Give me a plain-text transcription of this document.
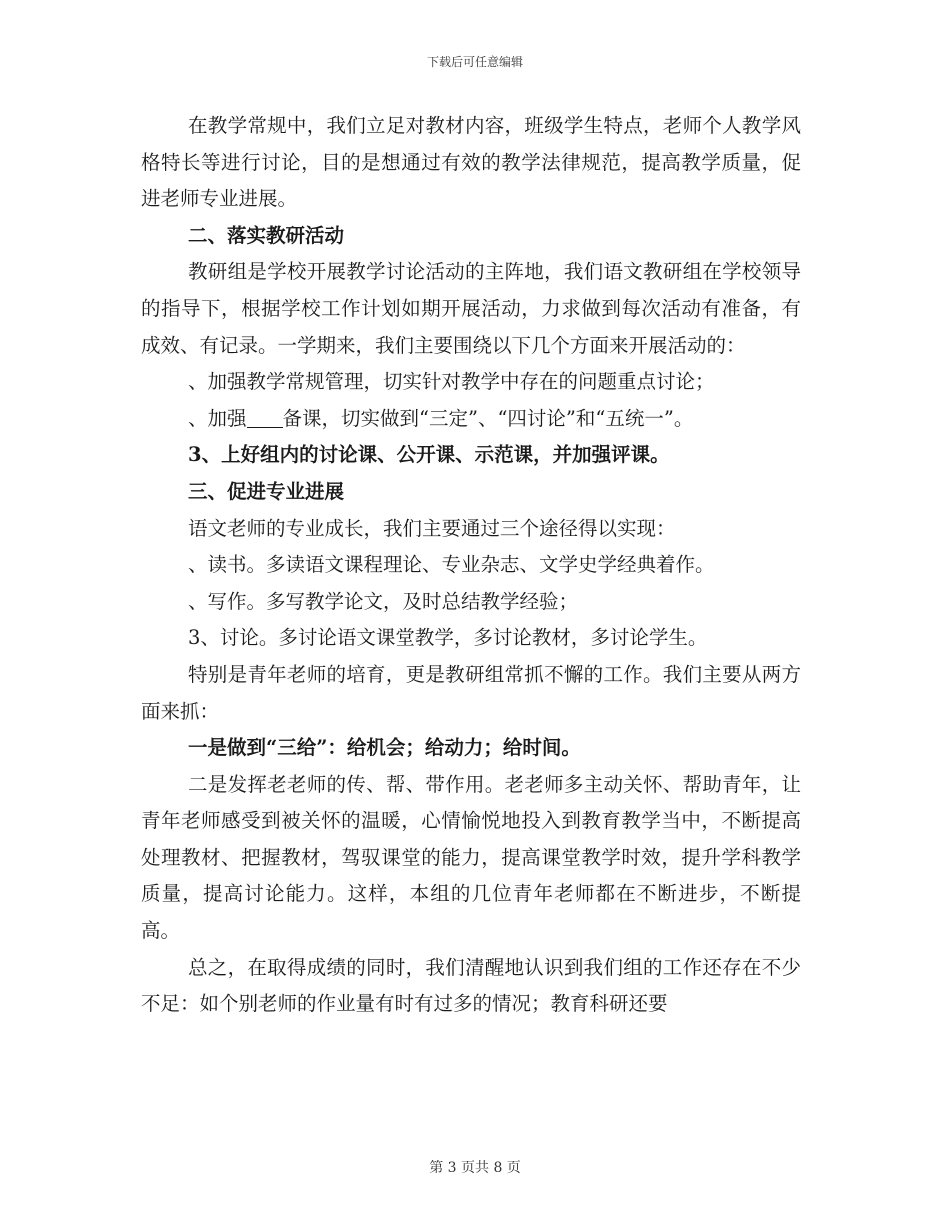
下载后可任意编辑

在教学常规中，我们立足对教材内容，班级学生特点，老师个人教学风格特长等进行讨论，目的是想通过有效的教学法律规范，提高教学质量，促进老师专业进展。

二、落实教研活动

教研组是学校开展教学讨论活动的主阵地，我们语文教研组在学校领导的指导下，根据学校工作计划如期开展活动，力求做到每次活动有准备，有成效、有记录。一学期来，我们主要围绕以下几个方面来开展活动的：

、加强教学常规管理，切实针对教学中存在的问题重点讨论；

、加强 备课，切实做到“三定”、“四讨论”和“五统一”。

3、上好组内的讨论课、公开课、示范课，并加强评课。

三、促进专业进展

语文老师的专业成长，我们主要通过三个途径得以实现：

、读书。多读语文课程理论、专业杂志、文学史学经典着作。

、写作。多写教学论文，及时总结教学经验；

3、讨论。多讨论语文课堂教学，多讨论教材，多讨论学生。

特别是青年老师的培育，更是教研组常抓不懈的工作。我们主要从两方面来抓：

一是做到“三给”：给机会；给动力；给时间。

二是发挥老老师的传、帮、带作用。老老师多主动关怀、帮助青年，让青年老师感受到被关怀的温暖，心情愉悦地投入到教育教学当中，不断提高处理教材、把握教材，驾驭课堂的能力，提高课堂教学时效，提升学科教学质量，提高讨论能力。这样，本组的几位青年老师都在不断进步，不断提高。

总之，在取得成绩的同时，我们清醒地认识到我们组的工作还存在不少不足：如个别老师的作业量有时有过多的情况；教育科研还要

第 3 页共 8 页
